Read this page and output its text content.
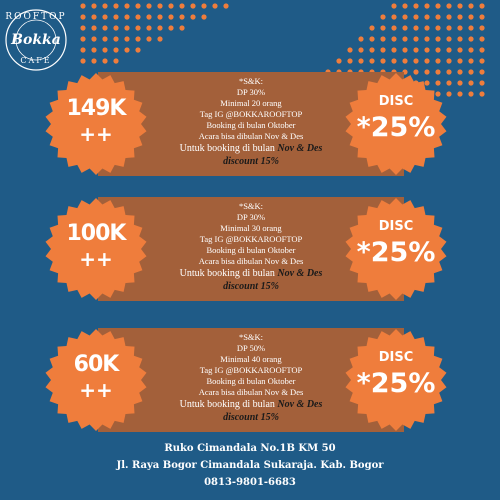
ROOFTOP
Bokka
CAFE
*S&K:
DP 30%
Minimal 20 orang
Tag IG @BOKKAROOFTOP
Booking di bulan Oktober
Acara bisa dibulan Nov & Des
Untuk booking di bulan Nov & Des
discount 15%
149K
++
DISC
*25%
*S&K:
DP 30%
Minimal 30 orang
Tag IG @BOKKAROOFTOP
Booking di bulan Oktober
Acara bisa dibulan Nov & Des
Untuk booking di bulan Nov & Des
discount 15%
100K
++
DISC
*25%
*S&K:
DP 50%
Minimal 40 orang
Tag IG @BOKKAROOFTOP
Booking di bulan Oktober
Acara bisa dibulan Nov & Des
Untuk booking di bulan Nov & Des
discount 15%
60K
++
DISC
*25%
Ruko Cimandala No.1B KM 50
Jl. Raya Bogor Cimandala Sukaraja. Kab. Bogor
0813-9801-6683
